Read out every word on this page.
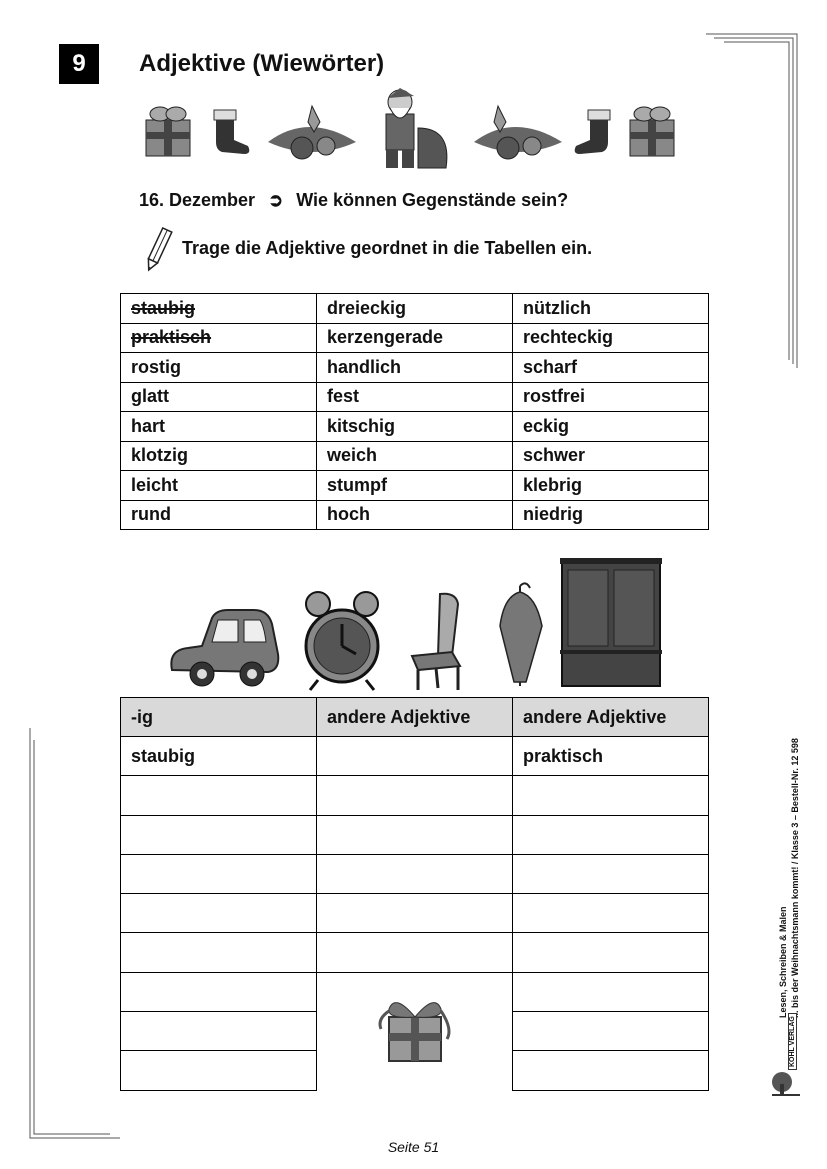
9	Adjektive (Wiewörter)
16. Dezember ➲ Wie können Gegenstände sein?
Trage die Adjektive geordnet in die Tabellen ein.
staubig	dreieckig	nützlich
praktisch	kerzengerade	rechteckig
rostig	handlich	scharf
glatt	fest	rostfrei
hart	kitschig	eckig
klotzig	weich	schwer
leicht	stumpf	klebrig
rund	hoch	niedrig
-ig	andere Adjektive	andere Adjektive
staubig		praktisch

Lesen, Schreiben & Malen ... bis der Weihnachtsmann kommt! / Klasse 3 – Bestell-Nr. 12 598
KOHL VERLAG
Seite 51
